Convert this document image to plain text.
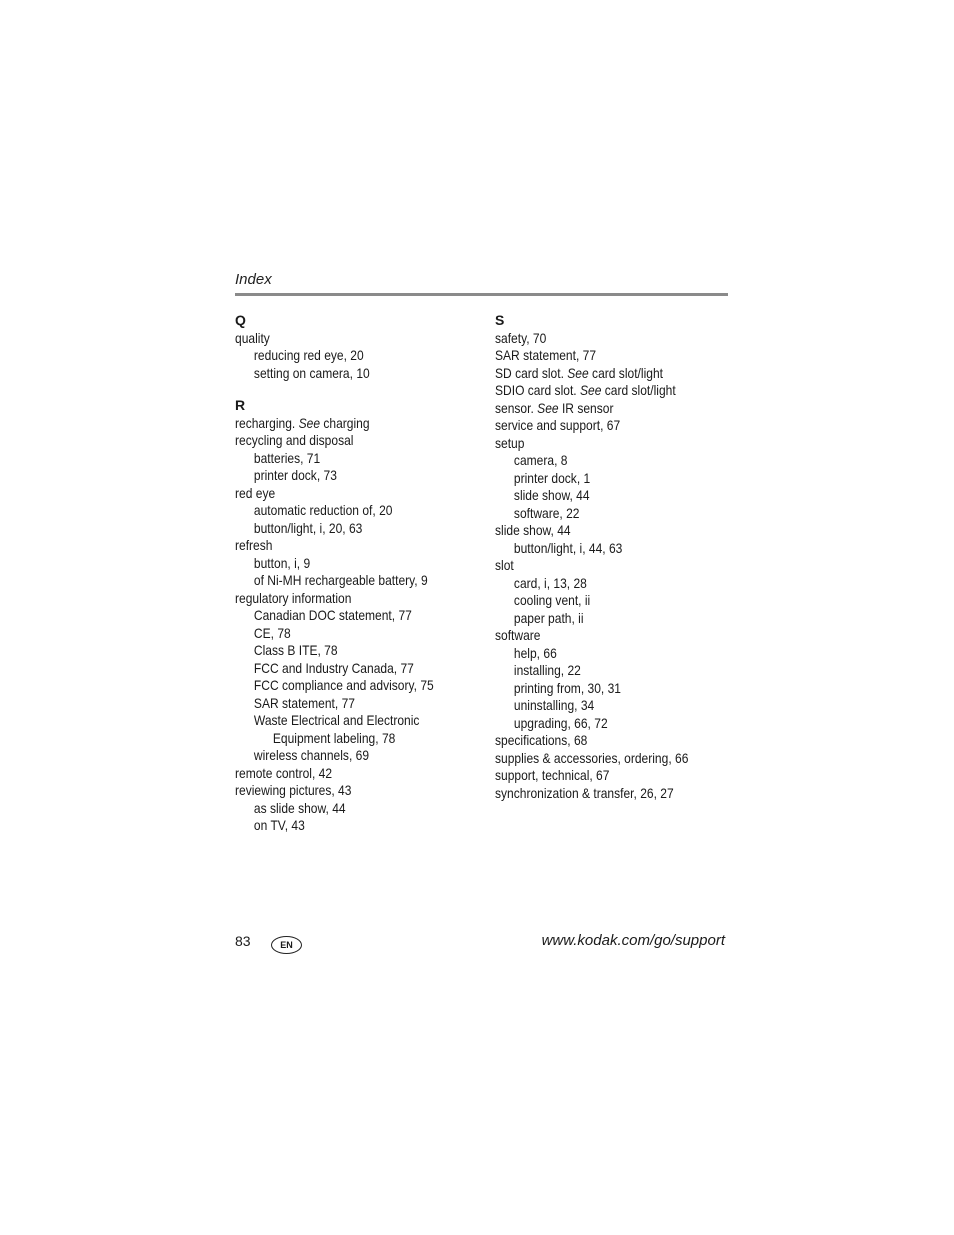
Index
Q
quality
reducing red eye, 20
setting on camera, 10
R
recharging. See charging
recycling and disposal
batteries, 71
printer dock, 73
red eye
automatic reduction of, 20
button/light, i, 20, 63
refresh
button, i, 9
of Ni-MH rechargeable battery, 9
regulatory information
Canadian DOC statement, 77
CE, 78
Class B ITE, 78
FCC and Industry Canada, 77
FCC compliance and advisory, 75
SAR statement, 77
Waste Electrical and Electronic
Equipment labeling, 78
wireless channels, 69
remote control, 42
reviewing pictures, 43
as slide show, 44
on TV, 43
S
safety, 70
SAR statement, 77
SD card slot. See card slot/light
SDIO card slot. See card slot/light
sensor. See IR sensor
service and support, 67
setup
camera, 8
printer dock, 1
slide show, 44
software, 22
slide show, 44
button/light, i, 44, 63
slot
card, i, 13, 28
cooling vent, ii
paper path, ii
software
help, 66
installing, 22
printing from, 30, 31
uninstalling, 34
upgrading, 66, 72
specifications, 68
supplies & accessories, ordering, 66
support, technical, 67
synchronization & transfer, 26, 27
83	EN	www.kodak.com/go/support
